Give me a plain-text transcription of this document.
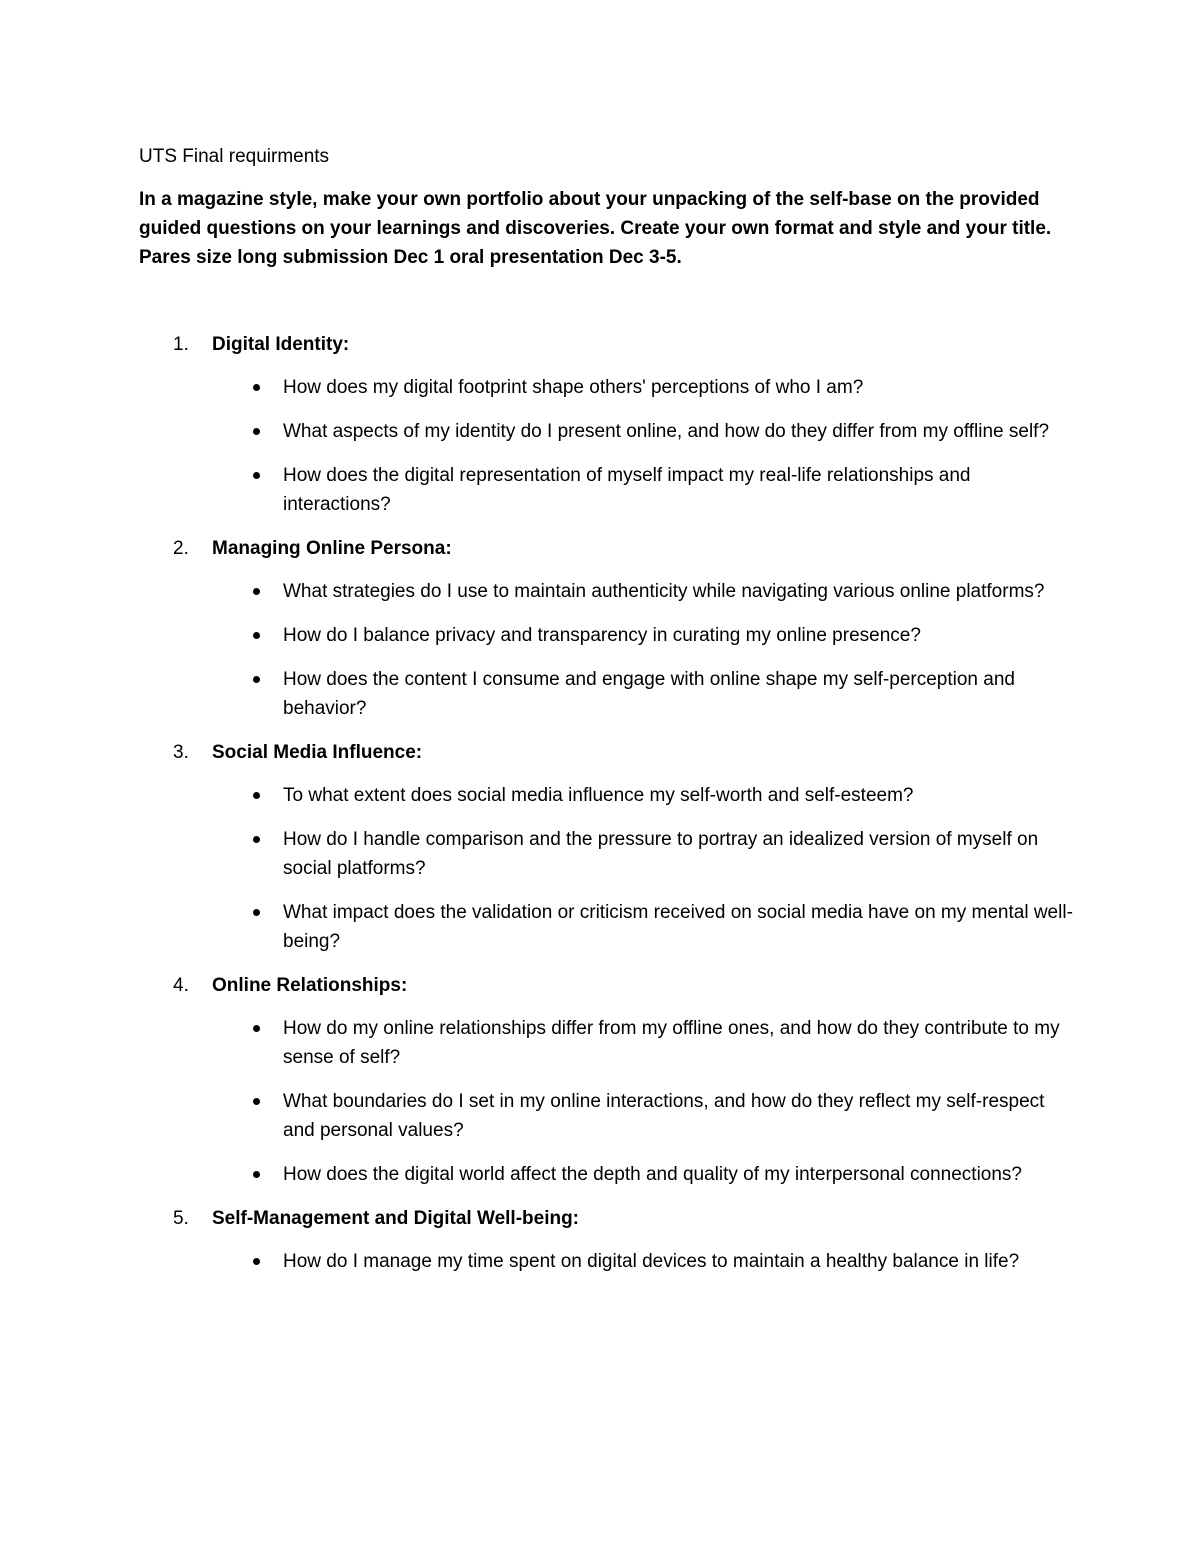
UTS Final requirments

In a magazine style, make your own portfolio about your unpacking of the self-base on the provided guided questions on your learnings and discoveries. Create your own format and style and your title. Pares size long submission Dec 1 oral presentation Dec 3-5.

1. Digital Identity:
How does my digital footprint shape others' perceptions of who I am?
What aspects of my identity do I present online, and how do they differ from my offline self?
How does the digital representation of myself impact my real-life relationships and interactions?
2. Managing Online Persona:
What strategies do I use to maintain authenticity while navigating various online platforms?
How do I balance privacy and transparency in curating my online presence?
How does the content I consume and engage with online shape my self-perception and behavior?
3. Social Media Influence:
To what extent does social media influence my self-worth and self-esteem?
How do I handle comparison and the pressure to portray an idealized version of myself on social platforms?
What impact does the validation or criticism received on social media have on my mental well-being?
4. Online Relationships:
How do my online relationships differ from my offline ones, and how do they contribute to my sense of self?
What boundaries do I set in my online interactions, and how do they reflect my self-respect and personal values?
How does the digital world affect the depth and quality of my interpersonal connections?
5. Self-Management and Digital Well-being:
How do I manage my time spent on digital devices to maintain a healthy balance in life?
